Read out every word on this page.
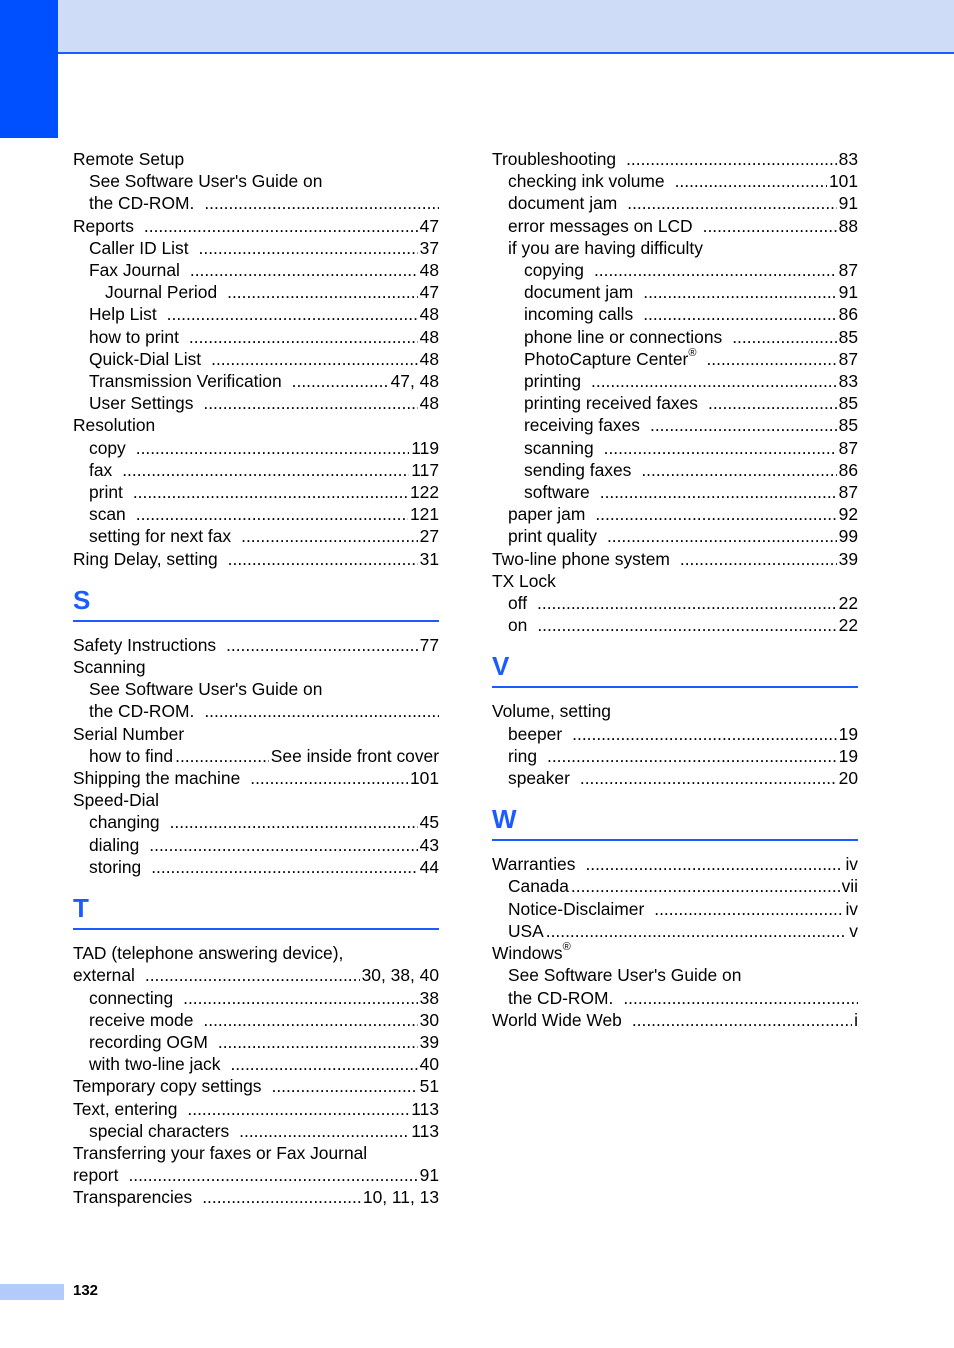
Remote Setup
See Software User's Guide on
the CD-ROM.
.....
Reports .....	47
Caller ID List .....	37
Fax Journal .....	48
Journal Period .....	47
Help List .....	48
how to print .....	48
Quick-Dial List .....	48
Transmission Verification .....	47, 48
User Settings .....	48
Resolution
copy .....	119
fax .....	117
print .....	122
scan .....	121
setting for next fax .....	27
Ring Delay, setting .....	31
S
Safety Instructions .....	77
Scanning
See Software User's Guide on
the CD-ROM.
.....
Serial Number
how to find .....	See inside front cover
Shipping the machine .....	101
Speed-Dial
changing .....	45
dialing .....	43
storing .....	44
T
TAD (telephone answering device),
external .....	30, 38, 40
connecting .....	38
receive mode .....	30
recording OGM .....	39
with two-line jack .....	40
Temporary copy settings .....	51
Text, entering .....	113
special characters .....	113
Transferring your faxes or Fax Journal
report .....	91
Transparencies .....	10, 11, 13
Troubleshooting .....	83
checking ink volume .....	101
document jam .....	91
error messages on LCD .....	88
if you are having difficulty
copying .....	87
document jam .....	91
incoming calls .....	86
phone line or connections .....	85
PhotoCapture Center® .....	87
printing .....	83
printing received faxes .....	85
receiving faxes .....	85
scanning .....	87
sending faxes .....	86
software .....	87
paper jam .....	92
print quality .....	99
Two-line phone system .....	39
TX Lock
off .....	22
on .....	22
V
Volume, setting
beeper .....	19
ring .....	19
speaker .....	20
W
Warranties .....	iv
Canada .....	vii
Notice-Disclaimer .....	iv
USA .....	v
Windows®
See Software User's Guide on
the CD-ROM.
.....
World Wide Web .....	i
132
